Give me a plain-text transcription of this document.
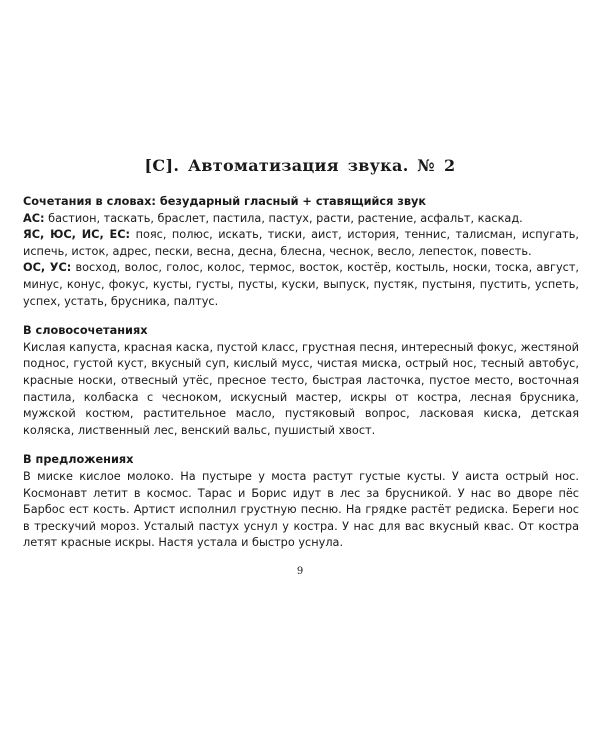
[С]. Автоматизация звука. № 2
Сочетания в словах: безударный гласный + ставящийся звук

АС: бастион, таскать, браслет, пастила, пастух, расти, растение, асфальт, каскад.

ЯС, ЮС, ИС, ЕС: пояс, полюс, искать, тиски, аист, история, теннис, талисман, испугать, испечь, исток, адрес, пески, весна, десна, блесна, чеснок, весло, лепесток, повесть.

ОС, УС: восход, волос, голос, колос, термос, восток, костёр, костыль, носки, тоска, август, минус, конус, фокус, кусты, густы, пусты, куски, выпуск, пустяк, пустыня, пустить, успеть, успех, устать, брусника, палтус.

В словосочетаниях

Кислая капуста, красная каска, пустой класс, грустная песня, интересный фокус, жестяной поднос, густой куст, вкусный суп, кислый мусс, чистая миска, острый нос, тесный автобус, красные носки, отвесный утёс, пресное тесто, быстрая ласточка, пустое место, восточная пастила, колбаска с чесноком, искусный мастер, искры от костра, лесная брусника, мужской костюм, растительное масло, пустяковый вопрос, ласковая киска, детская коляска, лиственный лес, венский вальс, пушистый хвост.

В предложениях

В миске кислое молоко. На пустыре у моста растут густые кусты. У аиста острый нос. Космонавт летит в космос. Тарас и Борис идут в лес за брусникой. У нас во дворе пёс Барбос ест кость. Артист исполнил грустную песню. На грядке растёт редиска. Береги нос в трескучий мороз. Усталый пастух уснул у костра. У нас для вас вкусный квас. От костра летят красные искры. Настя устала и быстро уснула.

9
